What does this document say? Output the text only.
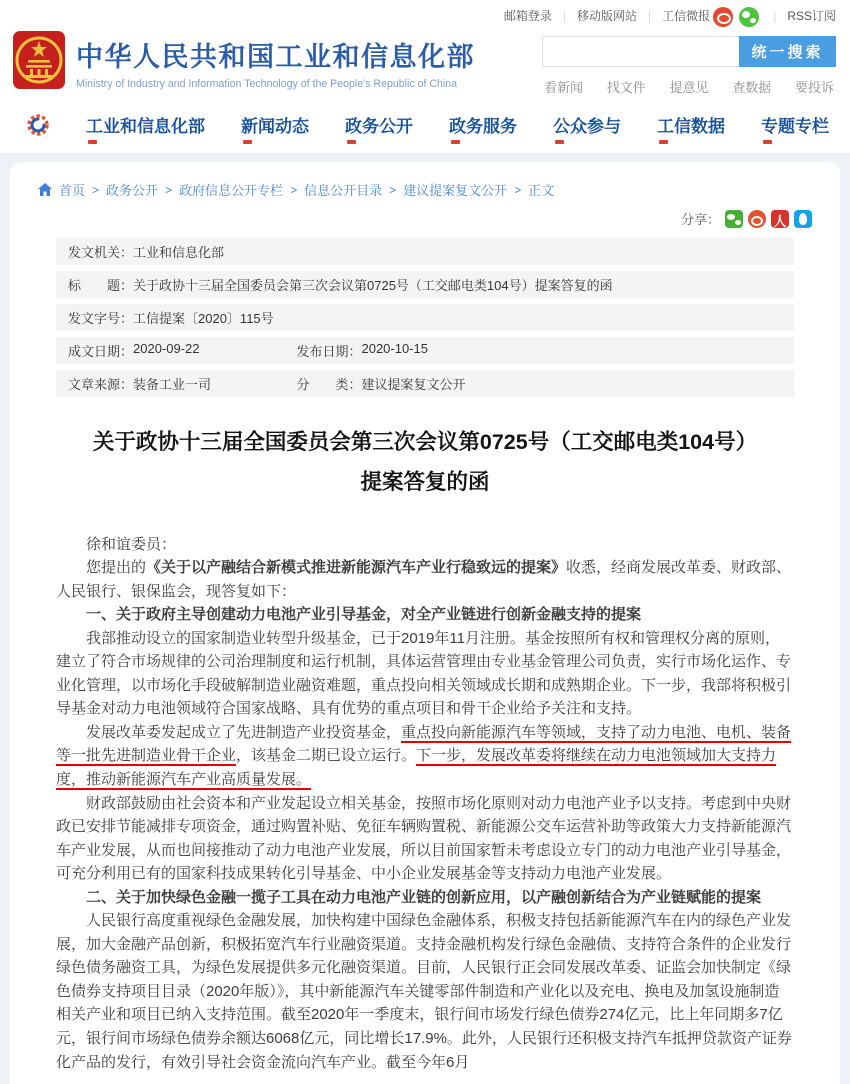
邮箱登录 | 移动版网站 | 工信微报	| RSS订阅
中华人民共和国工业和信息化部
Ministry of Industry and Information Technology of the People's Republic of China
统一搜索
看新闻 找文件 提意见 查数据 要投诉
工业和信息化部 新闻动态 政务公开 政务服务 公众参与 工信数据 专题专栏
首页 > 政务公开 > 政府信息公开专栏 > 信息公开目录 > 建议提案复文公开 > 正文
分享：
人
发文机关： 工业和信息化部
标　　题： 关于政协十三届全国委员会第三次会议第0725号（工交邮电类104号）提案答复的函
发文字号： 工信提案〔2020〕115号
成文日期： 2020-09-22	发布日期： 2020-10-15
文章来源： 装备工业一司	分　　类： 建议提案复文公开
关于政协十三届全国委员会第三次会议第0725号（工交邮电类104号）提案答复的函

徐和谊委员：

您提出的《关于以产融结合新模式推进新能源汽车产业行稳致远的提案》收悉，经商发展改革委、财政部、人民银行、银保监会，现答复如下：

一、关于政府主导创建动力电池产业引导基金，对全产业链进行创新金融支持的提案

我部推动设立的国家制造业转型升级基金，已于2019年11月注册。基金按照所有权和管理权分离的原则，建立了符合市场规律的公司治理制度和运行机制，具体运营管理由专业基金管理公司负责，实行市场化运作、专业化管理，以市场化手段破解制造业融资难题，重点投向相关领域成长期和成熟期企业。下一步，我部将积极引导基金对动力电池领域符合国家战略、具有优势的重点项目和骨干企业给予关注和支持。

发展改革委发起成立了先进制造产业投资基金，重点投向新能源汽车等领域，支持了动力电池、电机、装备等一批先进制造业骨干企业，该基金二期已设立运行。下一步，发展改革委将继续在动力电池领域加大支持力度，推动新能源汽车产业高质量发展。

财政部鼓励由社会资本和产业发起设立相关基金，按照市场化原则对动力电池产业予以支持。考虑到中央财政已安排节能减排专项资金，通过购置补贴、免征车辆购置税、新能源公交车运营补助等政策大力支持新能源汽车产业发展，从而也间接推动了动力电池产业发展，所以目前国家暂未考虑设立专门的动力电池产业引导基金，可充分利用已有的国家科技成果转化引导基金、中小企业发展基金等支持动力电池产业发展。

二、关于加快绿色金融一揽子工具在动力电池产业链的创新应用，以产融创新结合为产业链赋能的提案

人民银行高度重视绿色金融发展，加快构建中国绿色金融体系，积极支持包括新能源汽车在内的绿色产业发展，加大金融产品创新，积极拓宽汽车行业融资渠道。支持金融机构发行绿色金融债、支持符合条件的企业发行绿色债务融资工具，为绿色发展提供多元化融资渠道。目前，人民银行正会同发展改革委、证监会加快制定《绿色债券支持项目目录（2020年版）》，其中新能源汽车关键零部件制造和产业化以及充电、换电及加氢设施制造相关产业和项目已纳入支持范围。截至2020年一季度末，银行间市场发行绿色债券274亿元，比上年同期多7亿元，银行间市场绿色债券余额达6068亿元，同比增长17.9%。此外，人民银行还积极支持汽车抵押贷款资产证券化产品的发行，有效引导社会资金流向汽车产业。截至今年6月
